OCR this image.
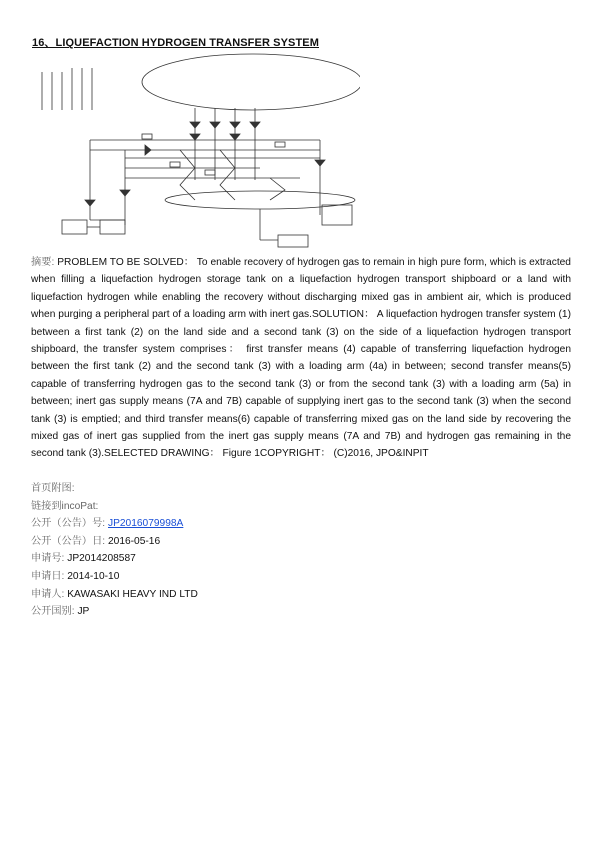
16、LIQUEFACTION HYDROGEN TRANSFER SYSTEM
摘要: PROBLEM TO BE SOLVED： To enable recovery of hydrogen gas to remain in high pure form, which is extracted when filling a liquefaction hydrogen storage tank on a liquefaction hydrogen transport shipboard or a land with liquefaction hydrogen while enabling the recovery without discharging mixed gas in ambient air, which is produced when purging a peripheral part of a loading arm with inert gas.SOLUTION： A liquefaction hydrogen transfer system (1) between a first tank (2) on the land side and a second tank (3) on the side of a liquefaction hydrogen transport shipboard, the transfer system comprises： first transfer means (4) capable of transferring liquefaction hydrogen between the first tank (2) and the second tank (3) with a loading arm (4a) in between; second transfer means(5) capable of transferring hydrogen gas to the second tank (3) or from the second tank (3) with a loading arm (5a) in between; inert gas supply means (7A and 7B) capable of supplying inert gas to the second tank (3) when the second tank (3) is emptied; and third transfer means(6) capable of transferring mixed gas on the land side by recovering the mixed gas of inert gas supplied from the inert gas supply means (7A and 7B) and hydrogen gas remaining in the second tank (3).SELECTED DRAWING： Figure 1COPYRIGHT： (C)2016, JPO&INPIT
首页附图:
链接到incoPat:
公开（公告）号: JP2016079998A
公开（公告）日: 2016-05-16
申请号: JP2014208587
申请日: 2014-10-10
申请人: KAWASAKI HEAVY IND LTD
公开国别: JP
